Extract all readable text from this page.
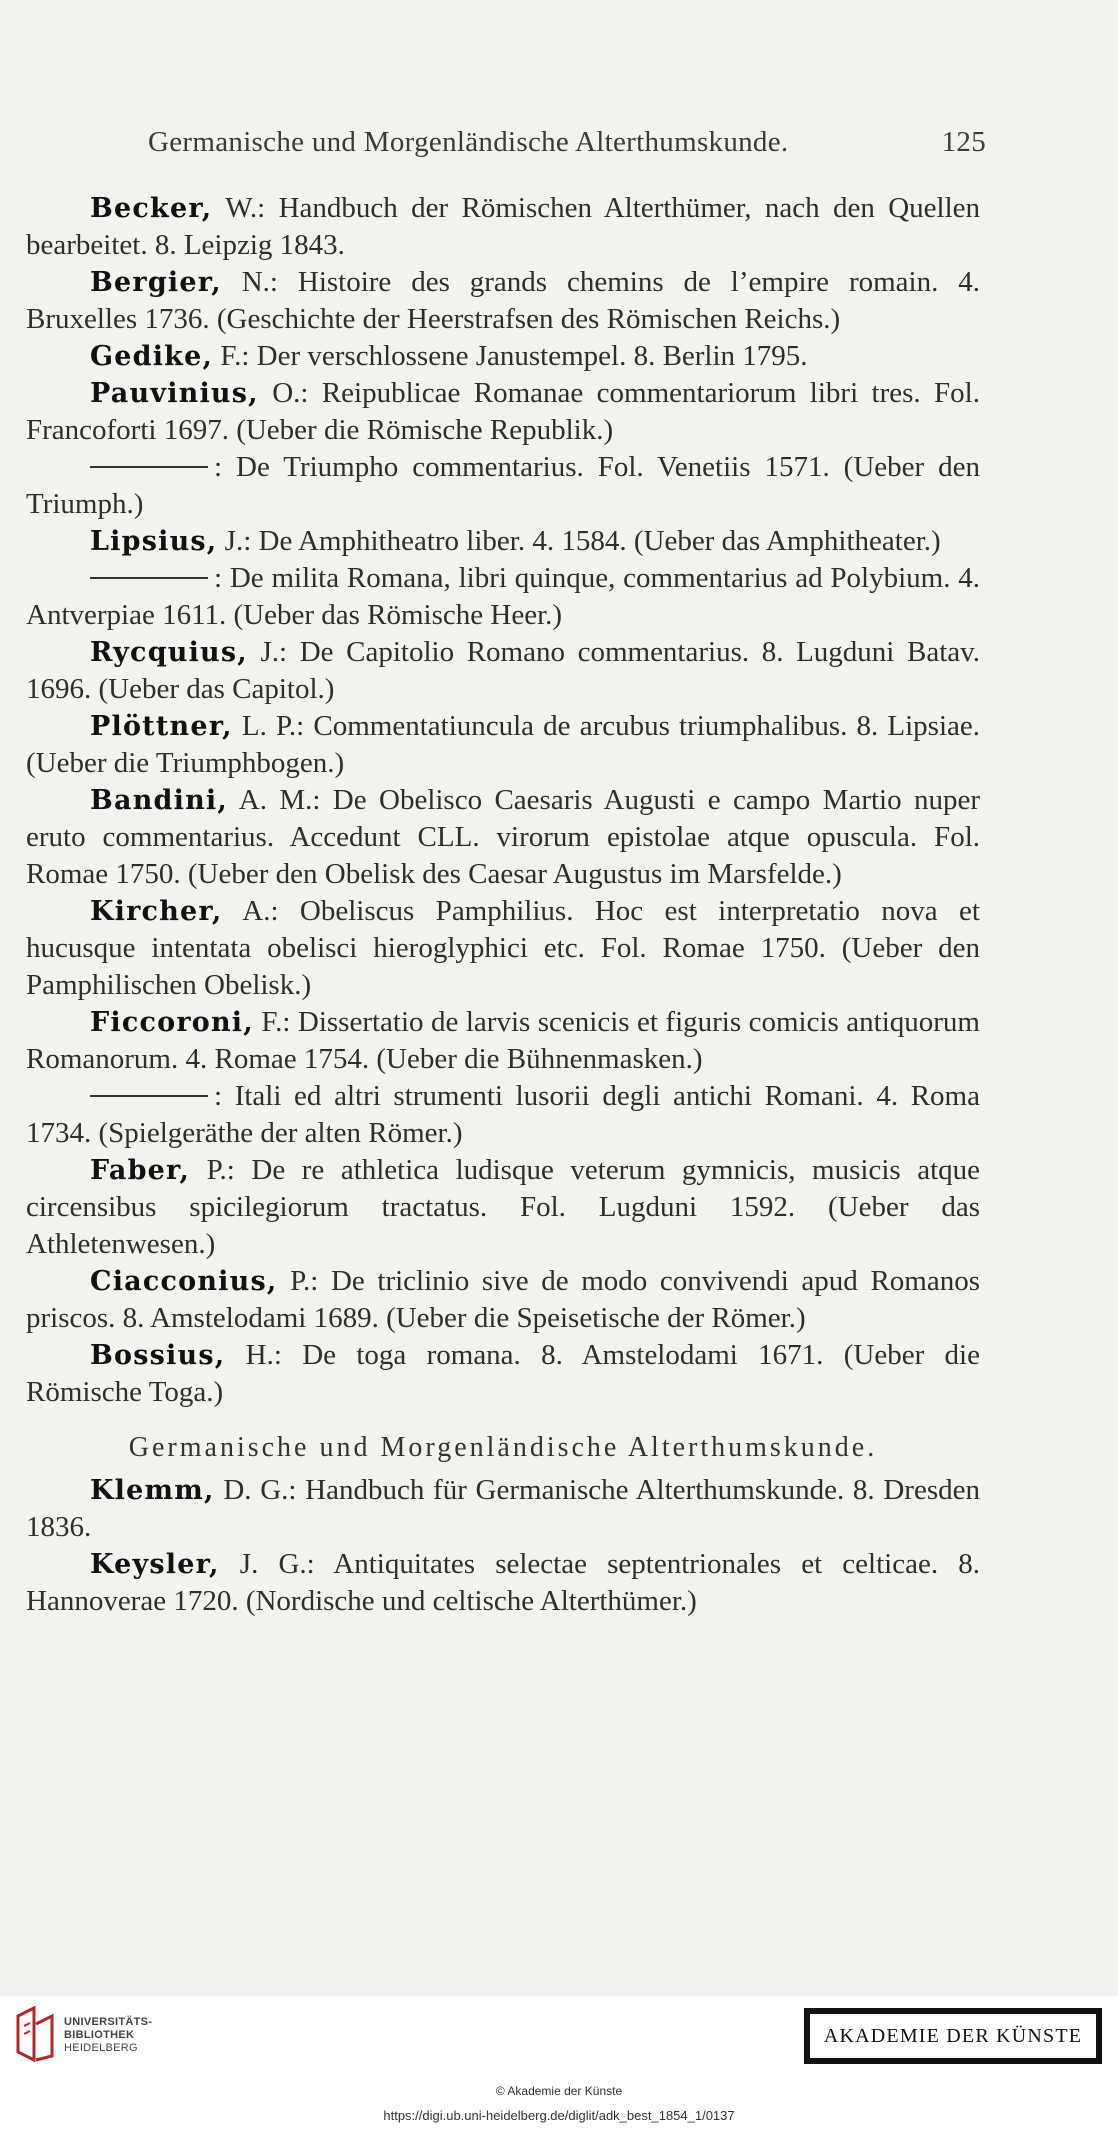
Germanische und Morgenländische Alterthumskunde.	125

Becker, W.: Handbuch der Römischen Alterthümer, nach den Quellen bearbeitet. 8. Leipzig 1843.

Bergier, N.: Histoire des grands chemins de l’empire romain. 4. Bruxelles 1736. (Geschichte der Heerstrafsen des Römischen Reichs.)

Gedike, F.: Der verschlossene Janustempel. 8. Berlin 1795.

Pauvinius, O.: Reipublicae Romanae commentariorum libri tres. Fol. Francoforti 1697. (Ueber die Römische Republik.)

: De Triumpho commentarius. Fol. Venetiis 1571. (Ueber den Triumph.)

Lipsius, J.: De Amphitheatro liber. 4. 1584. (Ueber das Amphitheater.)

: De milita Romana, libri quinque, commentarius ad Polybium. 4. Antverpiae 1611. (Ueber das Römische Heer.)

Rycquius, J.: De Capitolio Romano commentarius. 8. Lugduni Batav. 1696. (Ueber das Capitol.)

Plöttner, L. P.: Commentatiuncula de arcubus triumphalibus. 8. Lipsiae. (Ueber die Triumphbogen.)

Bandini, A. M.: De Obelisco Caesaris Augusti e campo Martio nuper eruto commentarius. Accedunt CLL. virorum epistolae atque opuscula. Fol. Romae 1750. (Ueber den Obelisk des Caesar Augustus im Marsfelde.)

Kircher, A.: Obeliscus Pamphilius. Hoc est interpretatio nova et hucusque intentata obelisci hieroglyphici etc. Fol. Romae 1750. (Ueber den Pamphilischen Obelisk.)

Ficcoroni, F.: Dissertatio de larvis scenicis et figuris comicis antiquorum Romanorum. 4. Romae 1754. (Ueber die Bühnenmasken.)

: Itali ed altri strumenti lusorii degli antichi Romani. 4. Roma 1734. (Spielgeräthe der alten Römer.)

Faber, P.: De re athletica ludisque veterum gymnicis, musicis atque circensibus spicilegiorum tractatus. Fol. Lugduni 1592. (Ueber das Athletenwesen.)

Ciacconius, P.: De triclinio sive de modo convivendi apud Romanos priscos. 8. Amstelodami 1689. (Ueber die Speisetische der Römer.)

Bossius, H.: De toga romana. 8. Amstelodami 1671. (Ueber die Römische Toga.)

Germanische und Morgenländische Alterthumskunde.

Klemm, D. G.: Handbuch für Germanische Alterthumskunde. 8. Dresden 1836.

Keysler, J. G.: Antiquitates selectae septentrionales et celticae. 8. Hannoverae 1720. (Nordische und celtische Alterthümer.)

UNIVERSITÄTS-
BIBLIOTHEK
HEIDELBERG
AKADEMIE DER KÜNSTE
© Akademie der Künste
https://digi.ub.uni-heidelberg.de/diglit/adk_best_1854_1/0137
